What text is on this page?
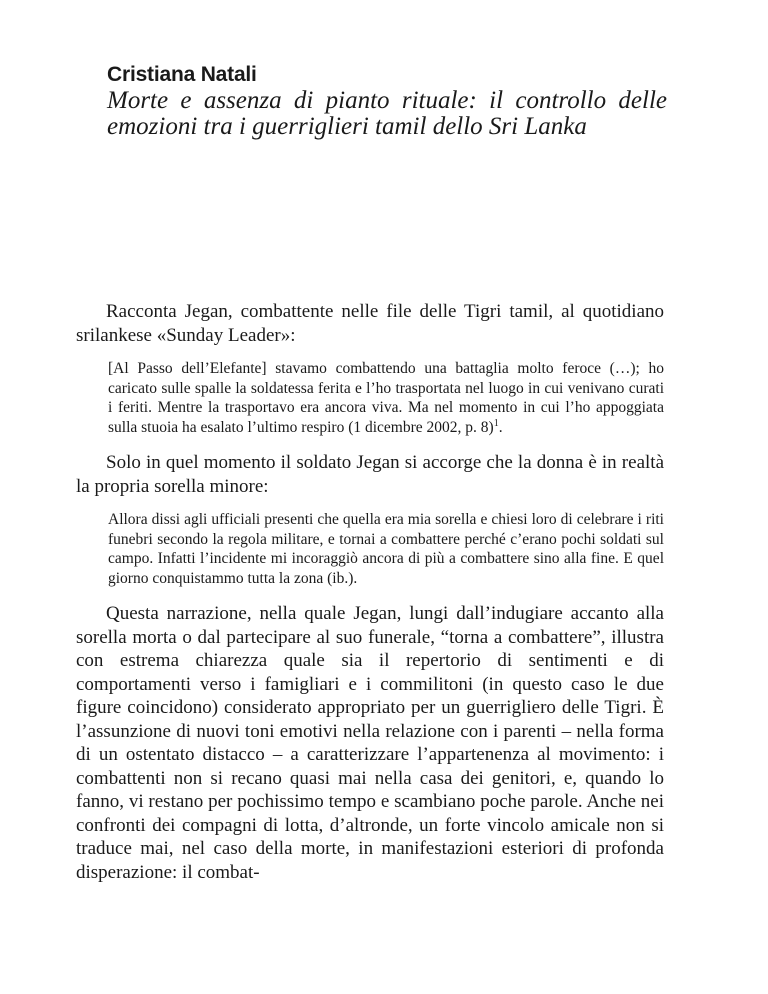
Cristiana Natali
Morte e assenza di pianto rituale: il controllo delle emozioni tra i guerriglieri tamil dello Sri Lanka

Racconta Jegan, combattente nelle file delle Tigri tamil, al quotidiano srilankese «Sunday Leader»:

[Al Passo dell’Elefante] stavamo combattendo una battaglia molto feroce (…); ho caricato sulle spalle la soldatessa ferita e l’ho trasportata nel luogo in cui venivano curati i feriti. Mentre la trasportavo era ancora viva. Ma nel momento in cui l’ho appoggiata sulla stuoia ha esalato l’ultimo respiro (1 dicembre 2002, p. 8)$^1$.

Solo in quel momento il soldato Jegan si accorge che la donna è in realtà la propria sorella minore:

Allora dissi agli ufficiali presenti che quella era mia sorella e chiesi loro di celebrare i riti funebri secondo la regola militare, e tornai a combattere perché c’erano pochi soldati sul campo. Infatti l’incidente mi incoraggiò ancora di più a combattere sino alla fine. E quel giorno conquistammo tutta la zona (ib.).

Questa narrazione, nella quale Jegan, lungi dall’indugiare accanto alla sorella morta o dal partecipare al suo funerale, “torna a combattere”, illustra con estrema chiarezza quale sia il repertorio di sentimenti e di comportamenti verso i famigliari e i commilitoni (in questo caso le due figure coincidono) considerato appropriato per un guerrigliero delle Tigri. È l’assunzione di nuovi toni emotivi nella relazione con i parenti – nella forma di un ostentato distacco – a caratterizzare l’appartenenza al movimento: i combattenti non si recano quasi mai nella casa dei genitori, e, quando lo fanno, vi restano per pochissimo tempo e scambiano poche parole. Anche nei confronti dei compagni di lotta, d’altronde, un forte vincolo amicale non si traduce mai, nel caso della morte, in manifestazioni esteriori di profonda disperazione: il combat-
